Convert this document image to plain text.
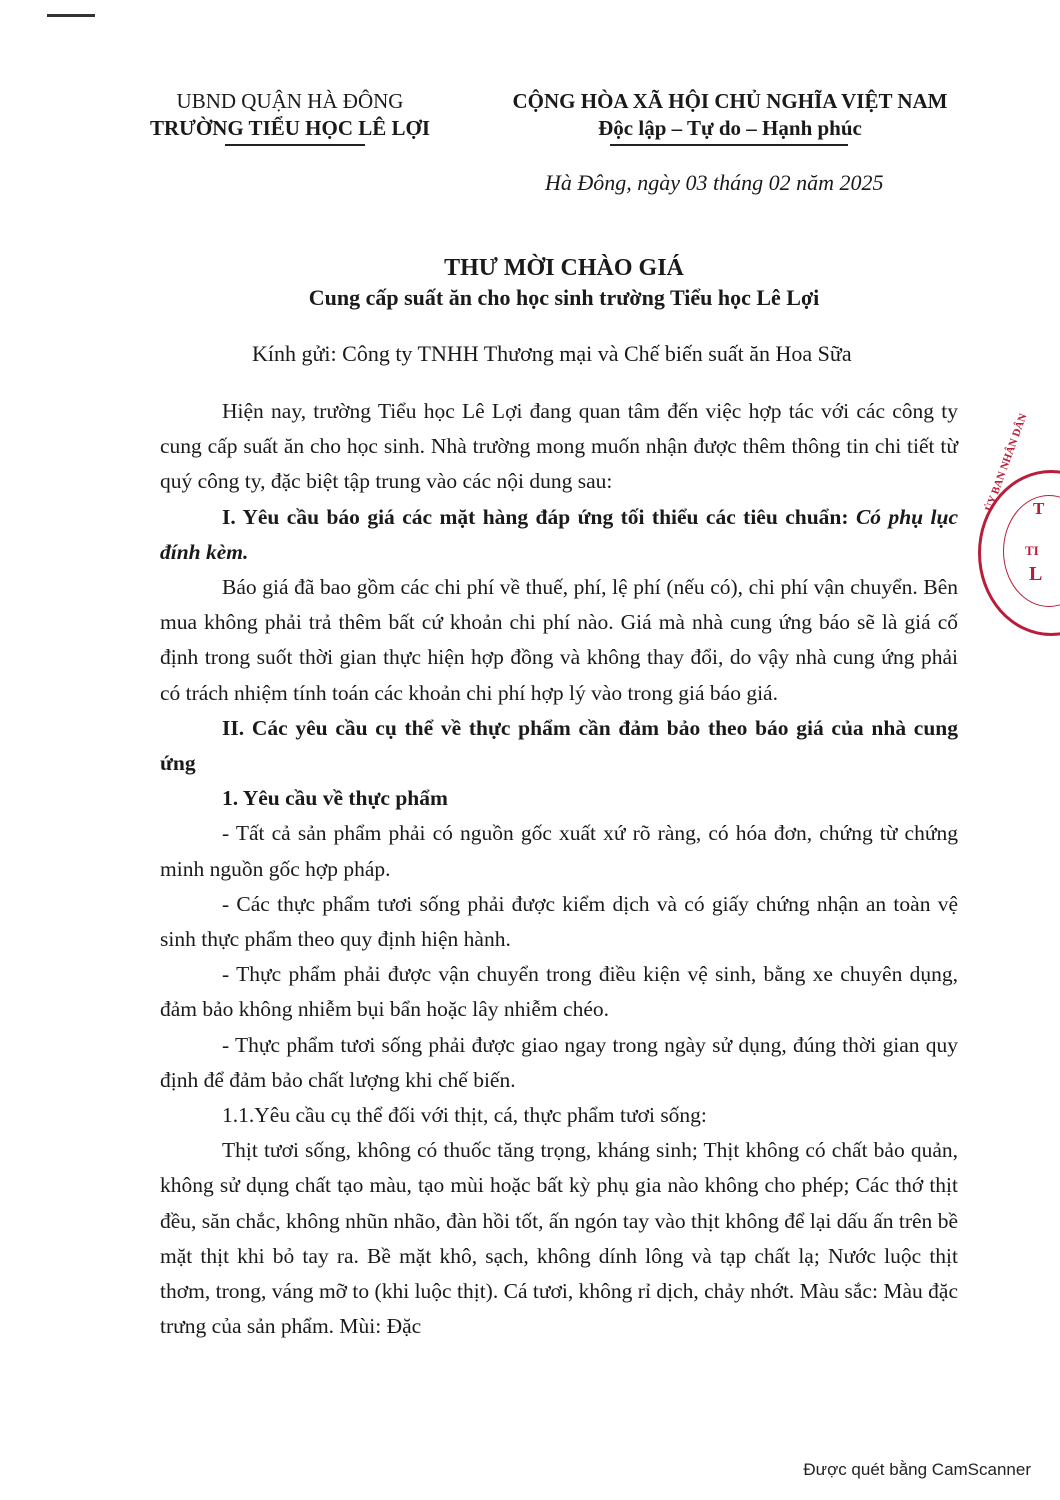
UBND QUẬN HÀ ĐÔNG
TRƯỜNG TIỂU HỌC LÊ LỢI
CỘNG HÒA XÃ HỘI CHỦ NGHĨA VIỆT NAM
Độc lập – Tự do – Hạnh phúc
Hà Đông, ngày 03 tháng 02 năm 2025
THƯ MỜI CHÀO GIÁ
Cung cấp suất ăn cho học sinh trường Tiểu học Lê Lợi
Kính gửi: Công ty TNHH Thương mại và Chế biến suất ăn Hoa Sữa

Hiện nay, trường Tiểu học Lê Lợi đang quan tâm đến việc hợp tác với các công ty cung cấp suất ăn cho học sinh. Nhà trường mong muốn nhận được thêm thông tin chi tiết từ quý công ty, đặc biệt tập trung vào các nội dung sau:

I. Yêu cầu báo giá các mặt hàng đáp ứng tối thiểu các tiêu chuẩn: Có phụ lục đính kèm.

Báo giá đã bao gồm các chi phí về thuế, phí, lệ phí (nếu có), chi phí vận chuyển. Bên mua không phải trả thêm bất cứ khoản chi phí nào. Giá mà nhà cung ứng báo sẽ là giá cố định trong suốt thời gian thực hiện hợp đồng và không thay đổi, do vậy nhà cung ứng phải có trách nhiệm tính toán các khoản chi phí hợp lý vào trong giá báo giá.

II. Các yêu cầu cụ thể về thực phẩm cần đảm bảo theo báo giá của nhà cung ứng

1. Yêu cầu về thực phẩm

- Tất cả sản phẩm phải có nguồn gốc xuất xứ rõ ràng, có hóa đơn, chứng từ chứng minh nguồn gốc hợp pháp.

- Các thực phẩm tươi sống phải được kiểm dịch và có giấy chứng nhận an toàn vệ sinh thực phẩm theo quy định hiện hành.

- Thực phẩm phải được vận chuyển trong điều kiện vệ sinh, bằng xe chuyên dụng, đảm bảo không nhiễm bụi bẩn hoặc lây nhiễm chéo.

- Thực phẩm tươi sống phải được giao ngay trong ngày sử dụng, đúng thời gian quy định để đảm bảo chất lượng khi chế biến.

1.1.Yêu cầu cụ thể đối với thịt, cá, thực phẩm tươi sống:

Thịt tươi sống, không có thuốc tăng trọng, kháng sinh; Thịt không có chất bảo quản, không sử dụng chất tạo màu, tạo mùi hoặc bất kỳ phụ gia nào không cho phép; Các thớ thịt đều, săn chắc, không nhũn nhão, đàn hồi tốt, ấn ngón tay vào thịt không để lại dấu ấn trên bề mặt thịt khi bỏ tay ra. Bề mặt khô, sạch, không dính lông và tạp chất lạ; Nước luộc thịt thơm, trong, váng mỡ to (khi luộc thịt). Cá tươi, không rỉ dịch, chảy nhớt. Màu sắc: Màu đặc trưng của sản phẩm. Mùi: Đặc

ỦY BAN NHÂN DÂN T
TI
L
Được quét bằng CamScanner
